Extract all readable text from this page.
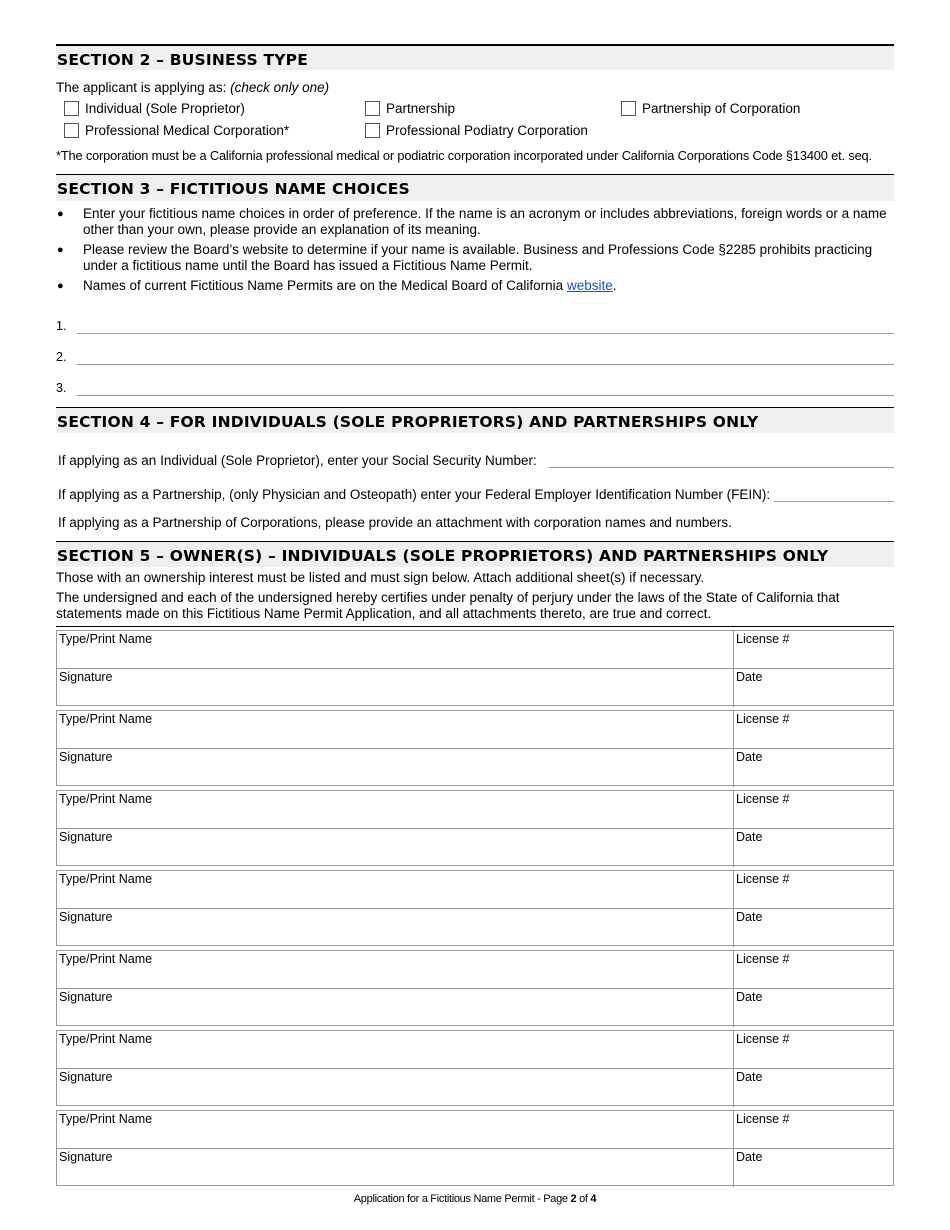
SECTION 2 – BUSINESS TYPE
The applicant is applying as: (check only one)
Individual (Sole Proprietor)	Partnership	Partnership of Corporation
Professional Medical Corporation*	Professional Podiatry Corporation
*The corporation must be a California professional medical or podiatric corporation incorporated under California Corporations Code §13400 et. seq.
SECTION 3 – FICTITIOUS NAME CHOICES
●	Enter your fictitious name choices in order of preference. If the name is an acronym or includes abbreviations, foreign words or a name other than your own, please provide an explanation of its meaning.
●	Please review the Board’s website to determine if your name is available. Business and Professions Code §2285 prohibits practicing under a fictitious name until the Board has issued a Fictitious Name Permit.
●	Names of current Fictitious Name Permits are on the Medical Board of California website.
1.
2.
3.
SECTION 4 – FOR INDIVIDUALS (SOLE PROPRIETORS) AND PARTNERSHIPS ONLY
If applying as an Individual (Sole Proprietor), enter your Social Security Number:
If applying as a Partnership, (only Physician and Osteopath) enter your Federal Employer Identification Number (FEIN):
If applying as a Partnership of Corporations, please provide an attachment with corporation names and numbers.
SECTION 5 – OWNER(S) – INDIVIDUALS (SOLE PROPRIETORS) AND PARTNERSHIPS ONLY

Those with an ownership interest must be listed and must sign below. Attach additional sheet(s) if necessary.

The undersigned and each of the undersigned hereby certifies under penalty of perjury under the laws of the State of California that statements made on this Fictitious Name Permit Application, and all attachments thereto, are true and correct.

Type/Print Name	License #
Signature	Date
Type/Print Name	License #
Signature	Date
Type/Print Name	License #
Signature	Date
Type/Print Name	License #
Signature	Date
Type/Print Name	License #
Signature	Date
Type/Print Name	License #
Signature	Date
Type/Print Name	License #
Signature	Date
Application for a Fictitious Name Permit - Page 2 of 4
